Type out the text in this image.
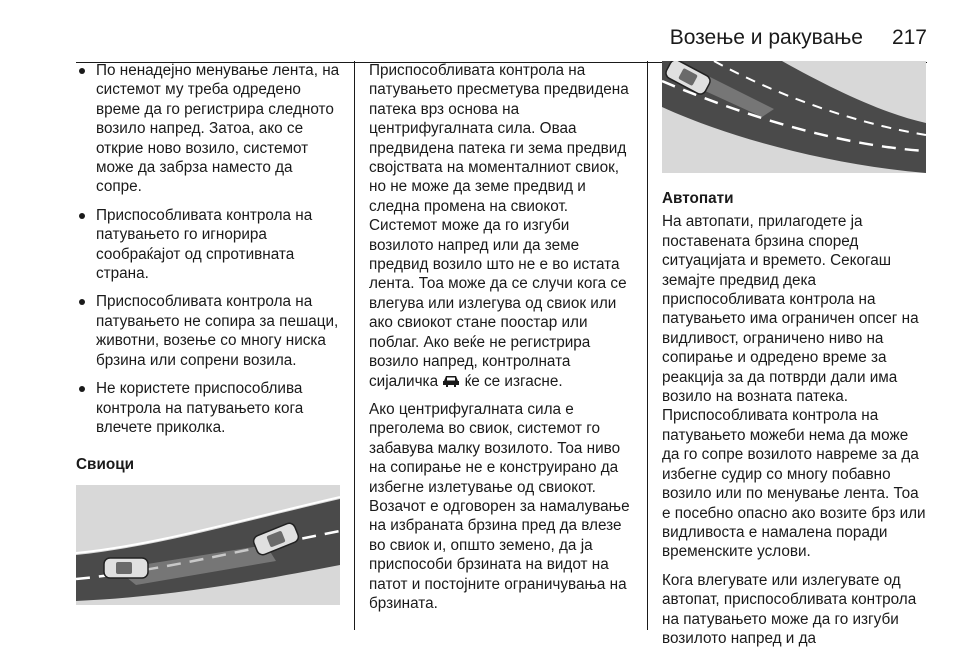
Возење и ракување 217
По ненадејно менување лента, на системот му треба одредено време да го регистрира следното возило напред. Затоа, ако се открие ново возило, системот може да забрза наместо да сопре.
Приспособливата контрола на патувањето го игнорира сообраќајот од спротивната страна.
Приспособливата контрола на патувањето не сопира за пешаци, животни, возење со многу ниска брзина или сопрени возила.
Не користете приспособлива контрола на патувањето кога влечете приколка.
Свиоци
Приспособливата контрола на патувањето пресметува предвидена патека врз основа на центрифугалната сила. Оваа предвидена патека ги зема предвид својствата на моменталниот свиок, но не може да земе предвид и следна промена на свиокот. Системот може да го изгуби возилото напред или да земе предвид возило што не е во истата лента. Тоа може да се случи кога се влегува или излегува од свиок или ако свиокот стане поостар или поблаг. Ако веќе не регистрира возило напред, контролната сијаличка ќе се изгасне.
Ако центрифугалната сила е преголема во свиок, системот го забавува малку возилото. Тоа ниво на сопирање не е конструирано да избегне излетување од свиокот. Возачот е одговорен за намалување на избраната брзина пред да влезе во свиок и, општо земено, да ја приспособи брзината на видот на патот и постојните ограничувања на брзината.
Автопати
На автопати, прилагодете ја поставената брзина според ситуацијата и времето. Секогаш земајте предвид дека приспособливата контрола на патувањето има ограничен опсег на видливост, ограничено ниво на сопирање и одредено време за реакција за да потврди дали има возило на возната патека. Приспособливата контрола на патувањето можеби нема да може да го сопре возилото навреме за да избегне судир со многу побавно возило или по менување лента. Тоа е посебно опасно ако возите брз или видливоста е намалена поради временските услови.
Кога влегувате или излегувате од автопат, приспособливата контрола на патувањето може да го изгуби возилото напред и да
